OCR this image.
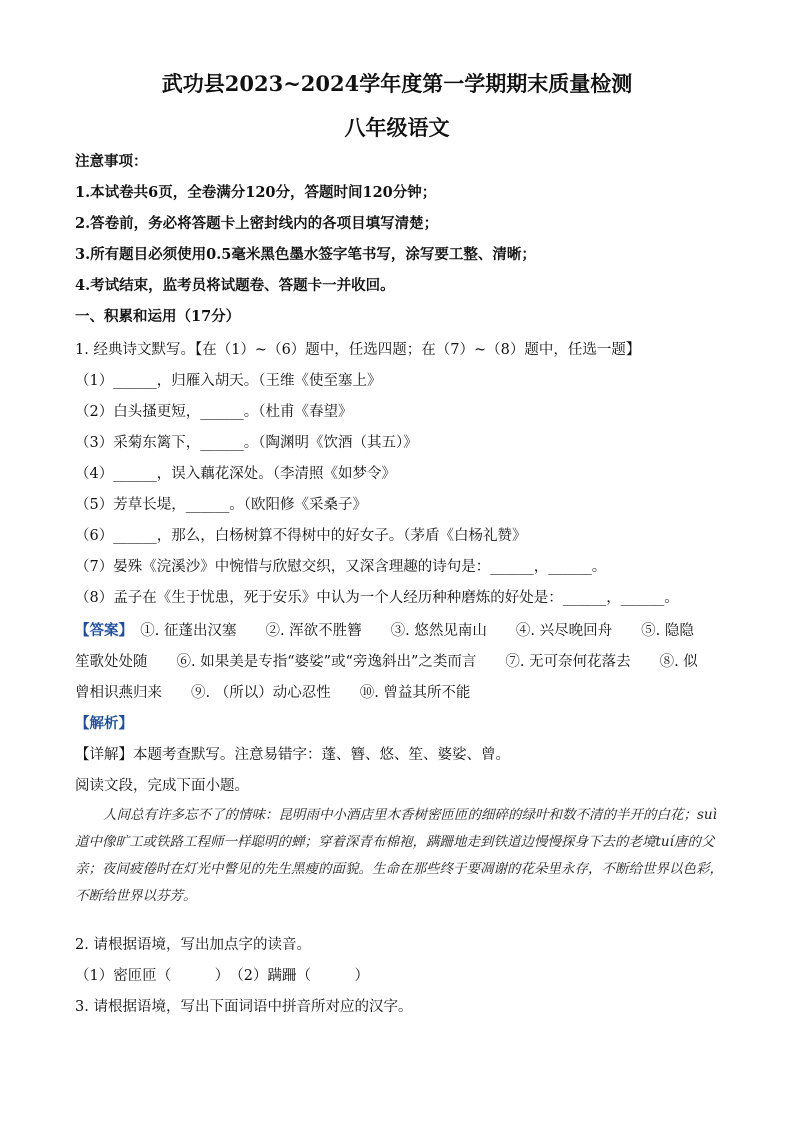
武功县2023~2024学年度第一学期期末质量检测
八年级语文
注意事项：
1.本试卷共6页，全卷满分120分，答题时间120分钟；
2.答卷前，务必将答题卡上密封线内的各项目填写清楚；
3.所有题目必须使用0.5毫米黑色墨水签字笔书写，涂写要工整、清晰；
4.考试结束，监考员将试题卷、答题卡一并收回。
一、积累和运用（17分）
1. 经典诗文默写。【在（1）~（6）题中，任选四题；在（7）~（8）题中，任选一题】
（1）______，归雁入胡天。（王维《使至塞上》
（2）白头搔更短，______。（杜甫《春望》
（3）采菊东篱下，______。（陶渊明《饮酒（其五）》
（4）______，误入藕花深处。（李清照《如梦令》
（5）芳草长堤，______。（欧阳修《采桑子》
（6）______，那么，白杨树算不得树中的好女子。（茅盾《白杨礼赞》
（7）晏殊《浣溪沙》中惋惜与欣慰交织，又深含理趣的诗句是：______，______。
（8）孟子在《生于忧患，死于安乐》中认为一个人经历种种磨炼的好处是：______，______。
【答案】　 ①. 征蓬出汉塞　　②. 浑欲不胜簪　　③. 悠然见南山　　④. 兴尽晚回舟　　⑤. 隐隐
笙歌处处随　　⑥. 如果美是专指“婆娑”或“旁逸斜出”之类而言　　⑦. 无可奈何花落去　　⑧. 似
曾相识燕归来　　⑨. （所以）动心忍性　　⑩. 曾益其所不能
【解析】
【详解】本题考查默写。注意易错字：蓬、簪、悠、笙、婆娑、曾。
阅读文段，完成下面小题。

人间总有许多忘不了的情味：昆明雨中小酒店里木香树密匝匝的细碎的绿叶和数不清的半开的白花；suì道中像旷工或铁路工程师一样聪明的蝉；穿着深青布棉袍，蹒跚地走到铁道边慢慢探身下去的老境tuí唐的父亲；夜间疲倦时在灯光中瞥见的先生黑瘦的面貌。生命在那些终于要凋谢的花朵里永存，不断给世界以色彩，不断给世界以芬芳。

2. 请根据语境，写出加点字的读音。
（1）密匝匝（　　　）　（2）蹒跚（　　　）
3. 请根据语境，写出下面词语中拼音所对应的汉字。
